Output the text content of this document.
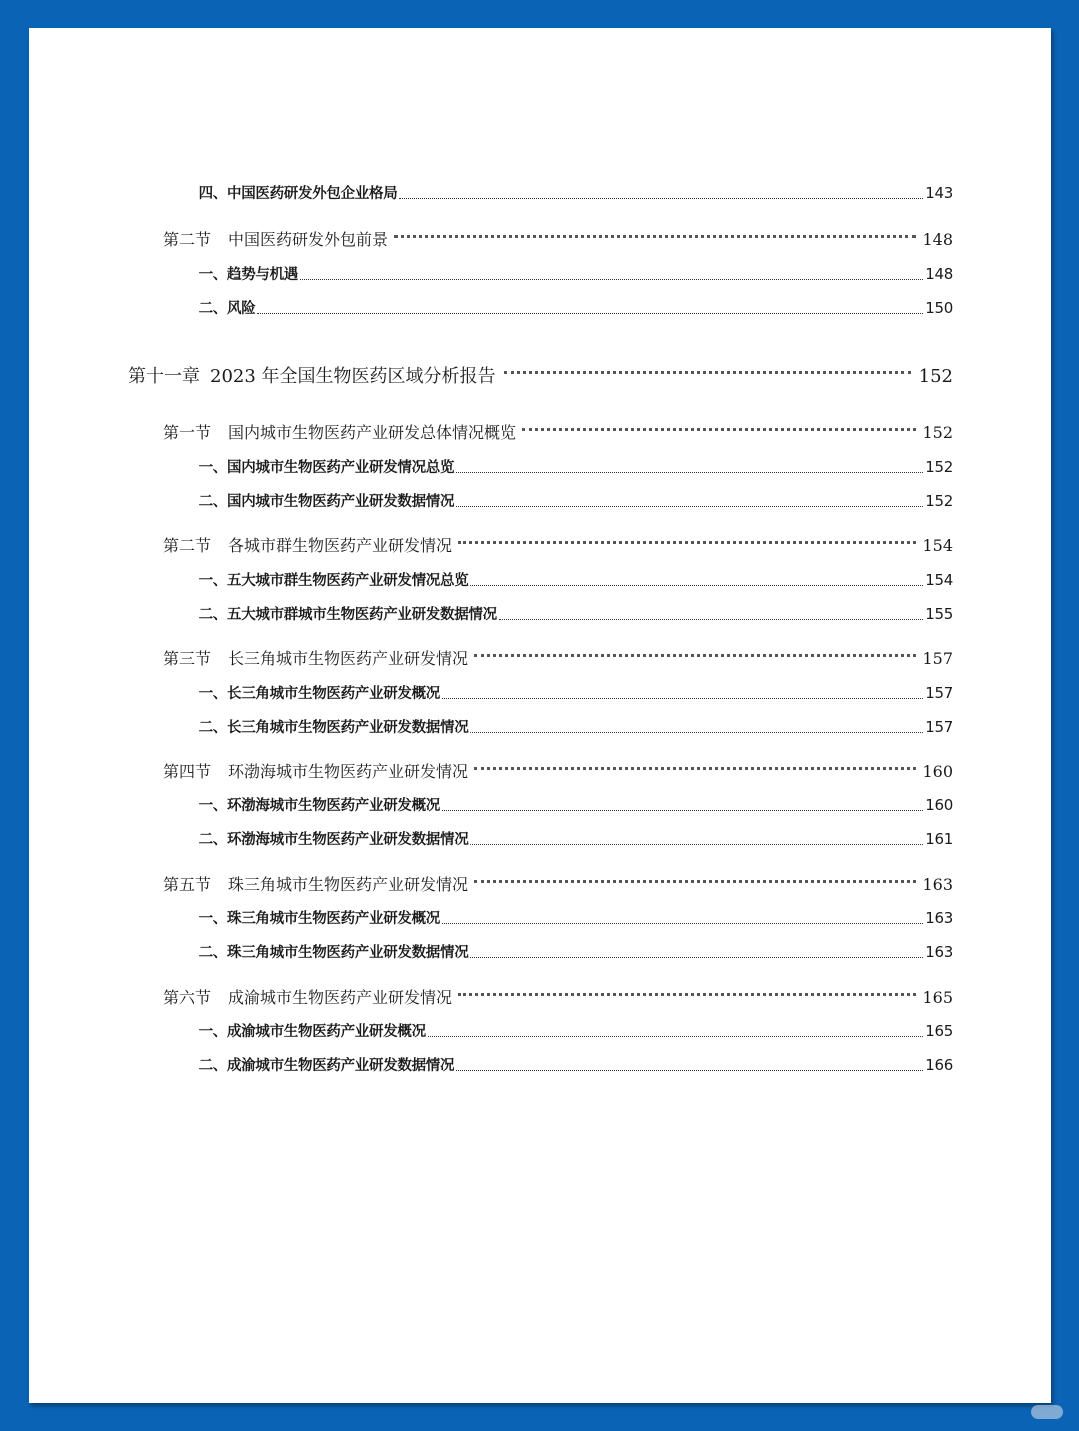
四、 中国医药研发外包企业格局	143
第二节	中国医药研发外包前景	148
一、 趋势与机遇	148
二、 风险	150
第十一章 2023 年全国生物医药区域分析报告	152
第一节	国内城市生物医药产业研发总体情况概览	152
一、 国内城市生物医药产业研发情况总览	152
二、 国内城市生物医药产业研发数据情况	152
第二节	各城市群生物医药产业研发情况	154
一、 五大城市群生物医药产业研发情况总览	154
二、 五大城市群城市生物医药产业研发数据情况	155
第三节	长三角城市生物医药产业研发情况	157
一、 长三角城市生物医药产业研发概况	157
二、 长三角城市生物医药产业研发数据情况	157
第四节	环渤海城市生物医药产业研发情况	160
一、 环渤海城市生物医药产业研发概况	160
二、 环渤海城市生物医药产业研发数据情况	161
第五节	珠三角城市生物医药产业研发情况	163
一、 珠三角城市生物医药产业研发概况	163
二、 珠三角城市生物医药产业研发数据情况	163
第六节	成渝城市生物医药产业研发情况	165
一、 成渝城市生物医药产业研发概况	165
二、 成渝城市生物医药产业研发数据情况	166
